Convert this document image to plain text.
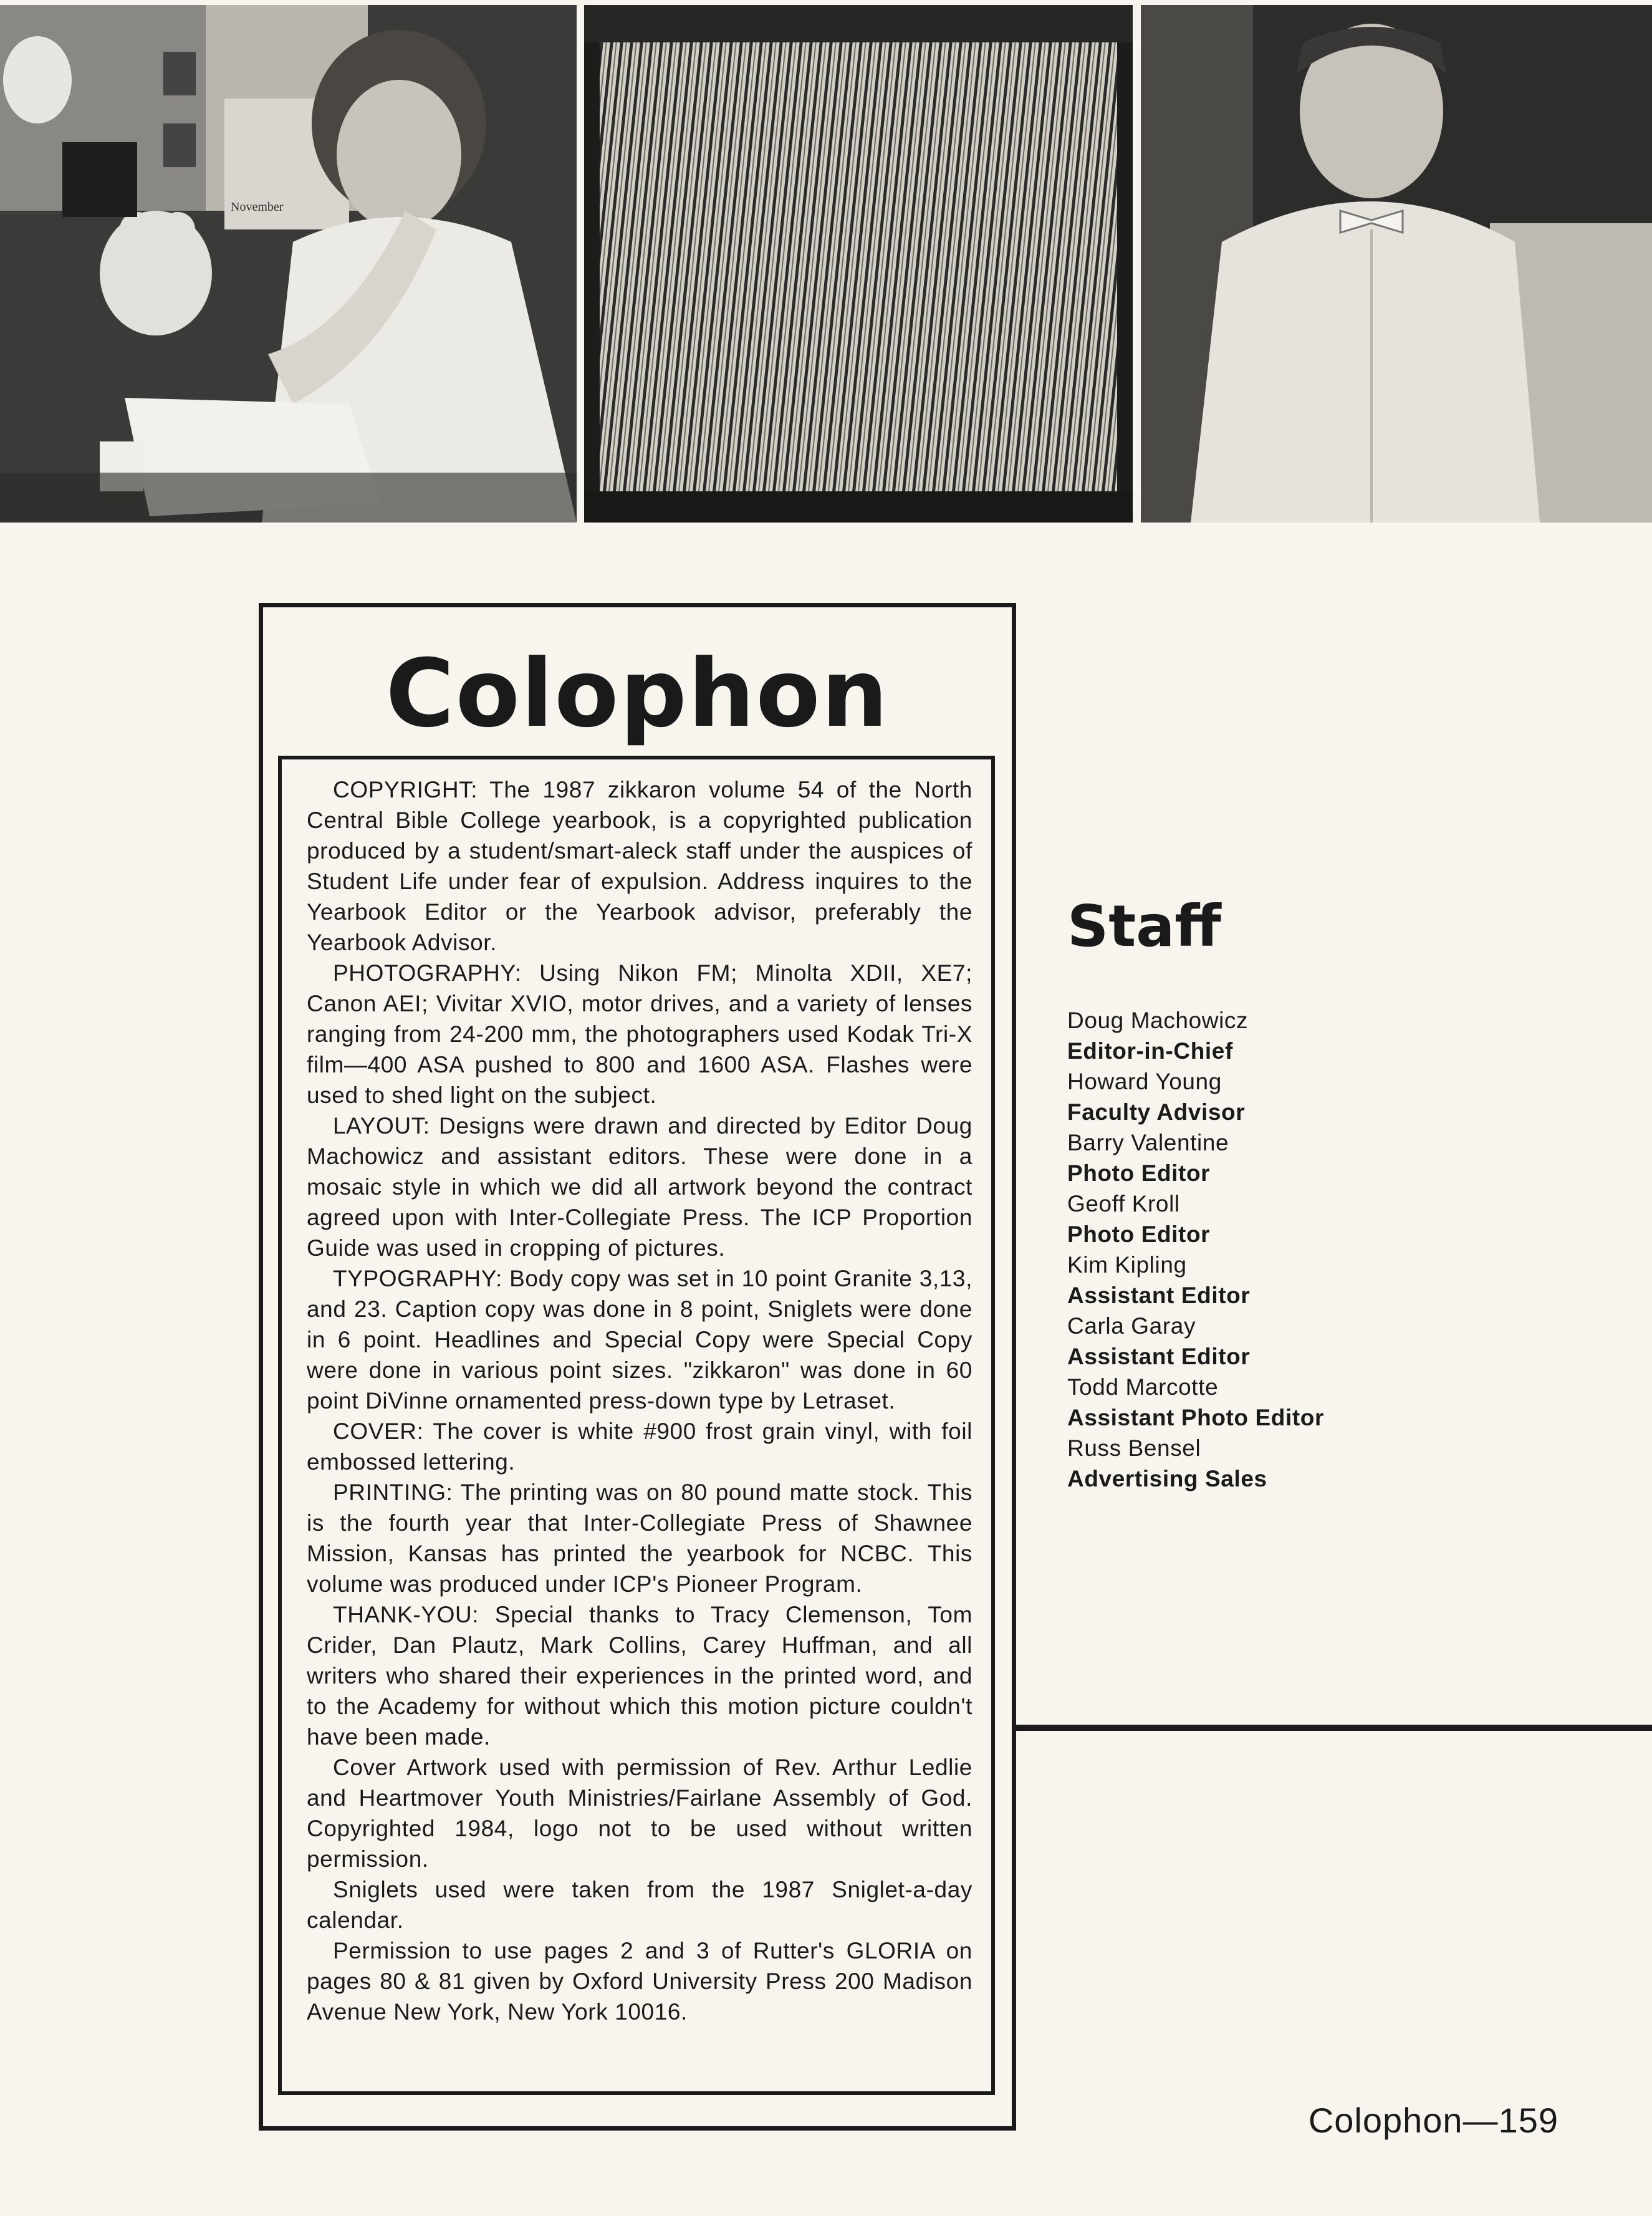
November
Colophon

COPYRIGHT: The 1987 zikkaron volume 54 of the North Central Bible College yearbook, is a copyrighted publication produced by a student/smart-aleck staff under the auspices of Student Life under fear of expulsion. Address inquires to the Yearbook Editor or the Yearbook advisor, preferably the Yearbook Advisor.

PHOTOGRAPHY: Using Nikon FM; Minolta XDII, XE7; Canon AEI; Vivitar XVIO, motor drives, and a variety of lenses ranging from 24-200 mm, the photographers used Kodak Tri-X film—400 ASA pushed to 800 and 1600 ASA. Flashes were used to shed light on the subject.

LAYOUT: Designs were drawn and directed by Editor Doug Machowicz and assistant editors. These were done in a mosaic style in which we did all artwork beyond the contract agreed upon with Inter-Collegiate Press. The ICP Proportion Guide was used in cropping of pictures.

TYPOGRAPHY: Body copy was set in 10 point Granite 3,13, and 23. Caption copy was done in 8 point, Sniglets were done in 6 point. Headlines and Special Copy were Special Copy were done in various point sizes. "zikkaron" was done in 60 point DiVinne ornamented press-down type by Letraset.

COVER: The cover is white #900 frost grain vinyl, with foil embossed lettering.

PRINTING: The printing was on 80 pound matte stock. This is the fourth year that Inter-Collegiate Press of Shawnee Mission, Kansas has printed the yearbook for NCBC. This volume was produced under ICP's Pioneer Program.

THANK-YOU: Special thanks to Tracy Clemenson, Tom Crider, Dan Plautz, Mark Collins, Carey Huffman, and all writers who shared their experiences in the printed word, and to the Academy for without which this motion picture couldn't have been made.

Cover Artwork used with permission of Rev. Arthur Ledlie and Heartmover Youth Ministries/Fairlane Assembly of God. Copyrighted 1984, logo not to be used without written permission.

Sniglets used were taken from the 1987 Sniglet-a-day calendar.

Permission to use pages 2 and 3 of Rutter's GLORIA on pages 80 & 81 given by Oxford University Press 200 Madison Avenue New York, New York 10016.

Staff
Doug Machowicz
Editor-in-Chief
Howard Young
Faculty Advisor
Barry Valentine
Photo Editor
Geoff Kroll
Photo Editor
Kim Kipling
Assistant Editor
Carla Garay
Assistant Editor
Todd Marcotte
Assistant Photo Editor
Russ Bensel
Advertising Sales
Colophon—159
